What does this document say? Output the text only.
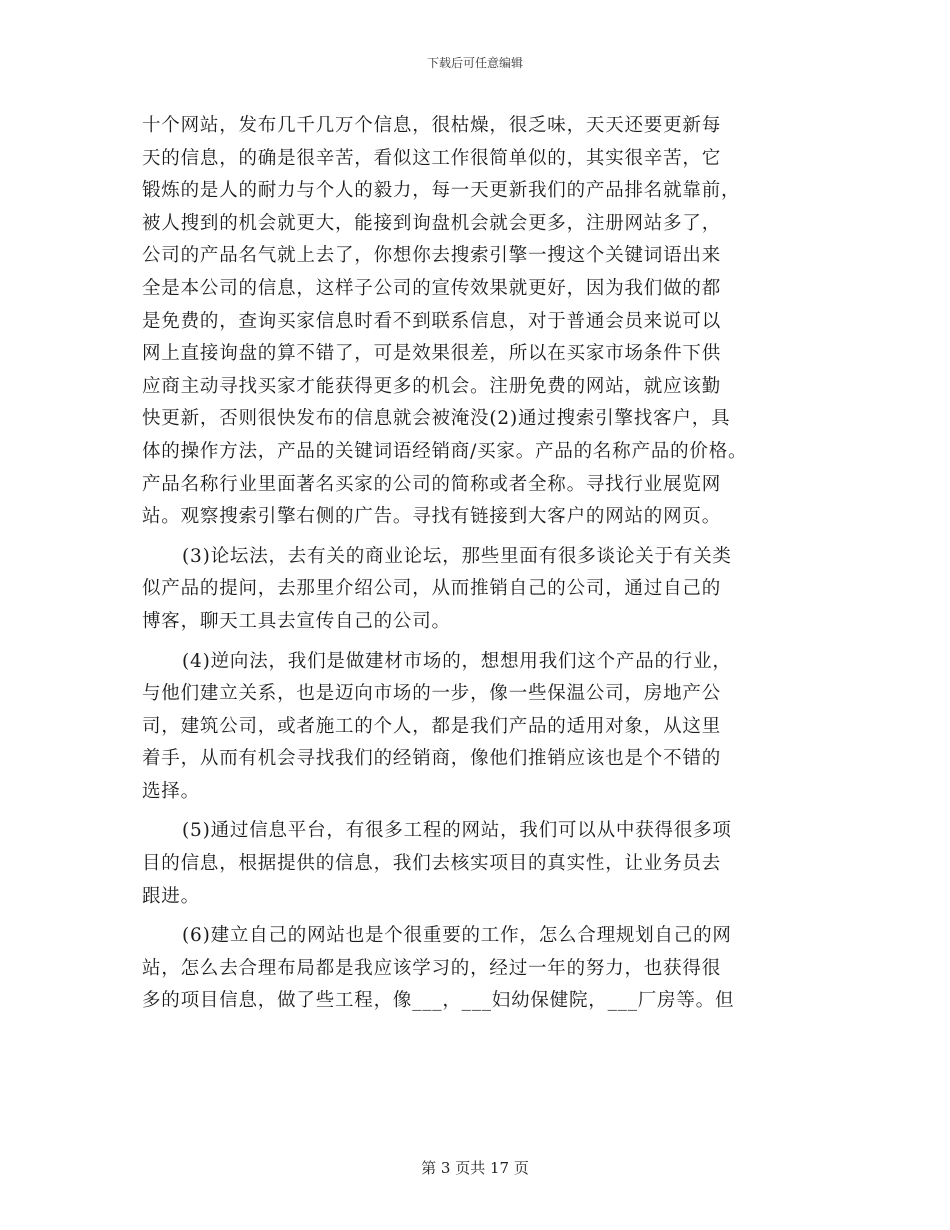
下载后可任意编辑
十个网站，发布几千几万个信息，很枯燥，很乏味，天天还要更新每
天的信息，的确是很辛苦，看似这工作很简单似的，其实很辛苦，它
锻炼的是人的耐力与个人的毅力，每一天更新我们的产品排名就靠前，
被人搜到的机会就更大，能接到询盘机会就会更多，注册网站多了，
公司的产品名气就上去了，你想你去搜索引擎一搜这个关键词语出来
全是本公司的信息，这样子公司的宣传效果就更好，因为我们做的都
是免费的，查询买家信息时看不到联系信息，对于普通会员来说可以
网上直接询盘的算不错了，可是效果很差，所以在买家市场条件下供
应商主动寻找买家才能获得更多的机会。注册免费的网站，就应该勤
快更新，否则很快发布的信息就会被淹没(2)通过搜索引擎找客户，具
体的操作方法，产品的关键词语经销商/买家。产品的名称产品的价格。
产品名称行业里面著名买家的公司的简称或者全称。寻找行业展览网
站。观察搜索引擎右侧的广告。寻找有链接到大客户的网站的网页。
(3)论坛法，去有关的商业论坛，那些里面有很多谈论关于有关类
似产品的提问，去那里介绍公司，从而推销自己的公司，通过自己的
博客，聊天工具去宣传自己的公司。
(4)逆向法，我们是做建材市场的，想想用我们这个产品的行业，
与他们建立关系，也是迈向市场的一步，像一些保温公司，房地产公
司，建筑公司，或者施工的个人，都是我们产品的适用对象，从这里
着手，从而有机会寻找我们的经销商，像他们推销应该也是个不错的
选择。
(5)通过信息平台，有很多工程的网站，我们可以从中获得很多项
目的信息，根据提供的信息，我们去核实项目的真实性，让业务员去
跟进。
(6)建立自己的网站也是个很重要的工作，怎么合理规划自己的网
站，怎么去合理布局都是我应该学习的，经过一年的努力，也获得很
多的项目信息，做了些工程，像___，___妇幼保健院，___厂房等。但
第 3 页共 17 页
